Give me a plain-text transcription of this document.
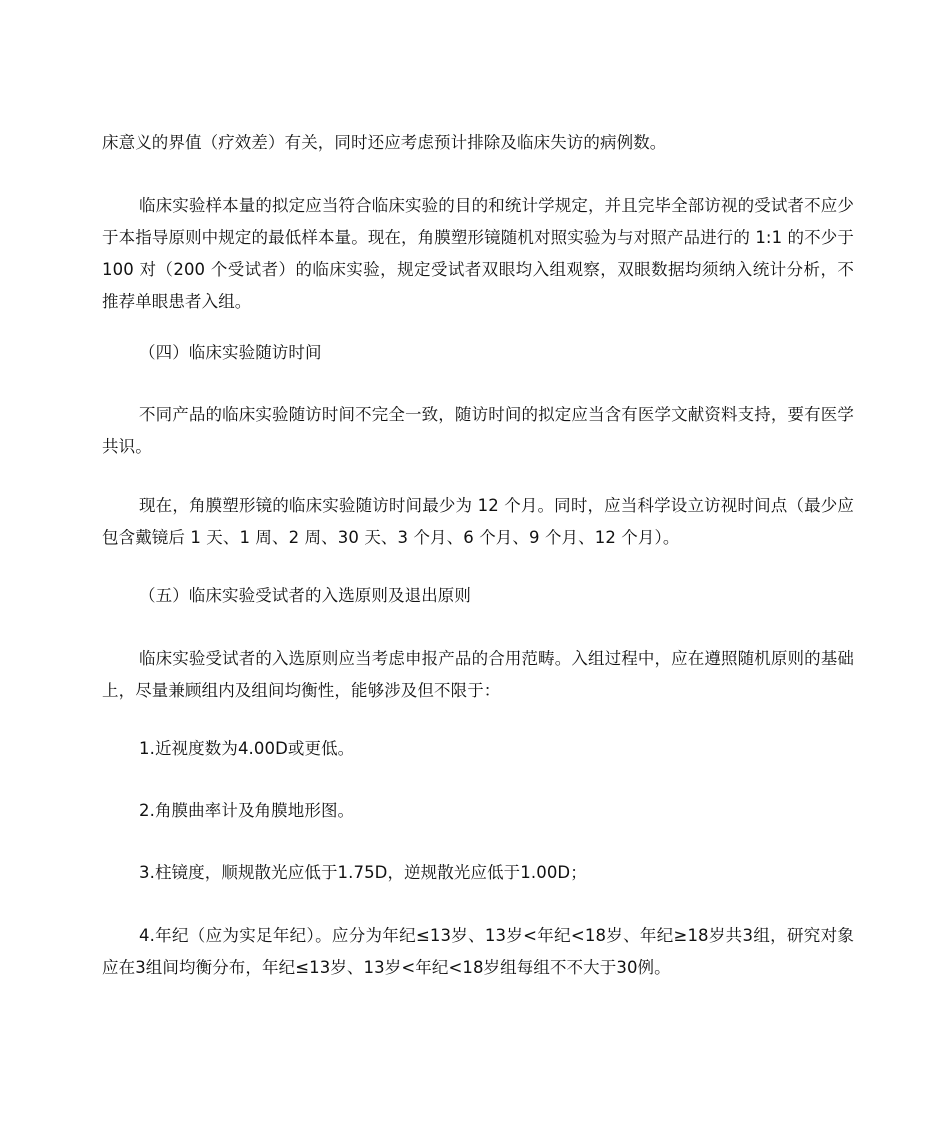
床意义的界值（疗效差）有关，同时还应考虑预计排除及临床失访的病例数。

临床实验样本量的拟定应当符合临床实验的目的和统计学规定，并且完毕全部访视的受试者不应少于本指导原则中规定的最低样本量。现在，角膜塑形镜随机对照实验为与对照产品进行的 1:1 的不少于 100 对（200 个受试者）的临床实验，规定受试者双眼均入组观察，双眼数据均须纳入统计分析，不推荐单眼患者入组。

（四）临床实验随访时间

不同产品的临床实验随访时间不完全一致，随访时间的拟定应当含有医学文献资料支持，要有医学共识。

现在，角膜塑形镜的临床实验随访时间最少为 12 个月。同时，应当科学设立访视时间点（最少应包含戴镜后 1 天、1 周、2 周、30 天、3 个月、6 个月、9 个月、12 个月）。

（五）临床实验受试者的入选原则及退出原则

临床实验受试者的入选原则应当考虑申报产品的合用范畴。入组过程中，应在遵照随机原则的基础上，尽量兼顾组内及组间均衡性，能够涉及但不限于：

1.近视度数为4.00D或更低。

2.角膜曲率计及角膜地形图。

3.柱镜度，顺规散光应低于1.75D，逆规散光应低于1.00D；

4.年纪（应为实足年纪）。应分为年纪≤13岁、13岁<年纪<18岁、年纪≥18岁共3组，研究对象应在3组间均衡分布，年纪≤13岁、13岁<年纪<18岁组每组不不大于30例。
